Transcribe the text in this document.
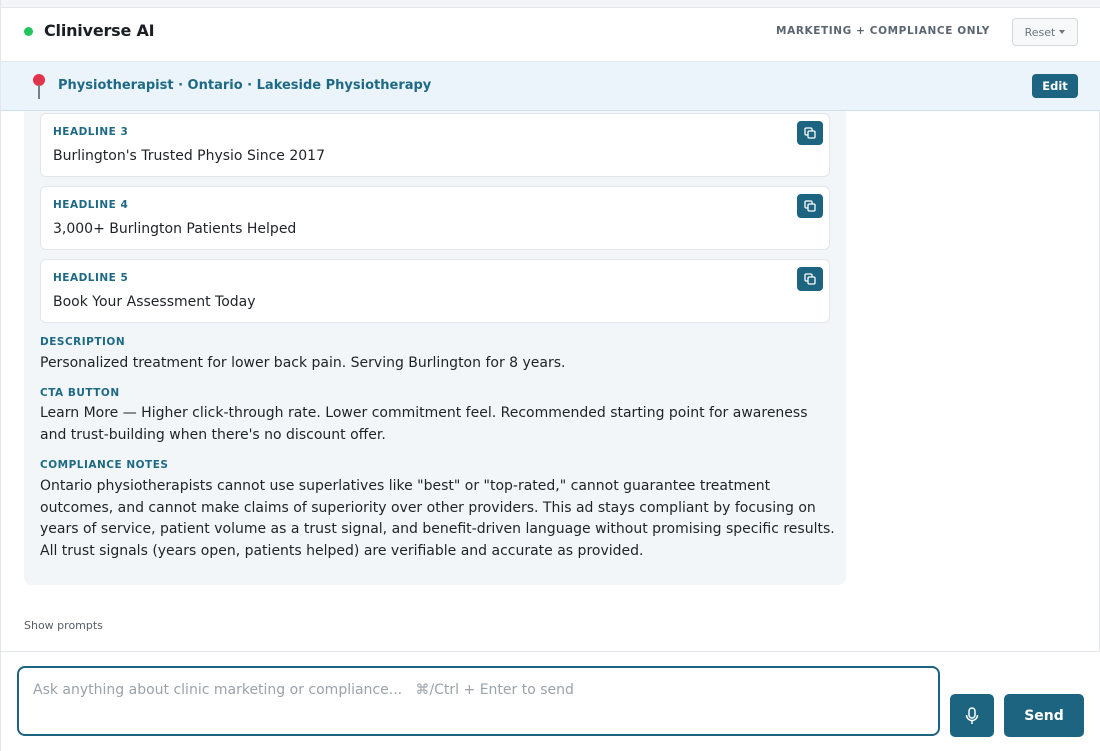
Cliniverse AI	MARKETING + COMPLIANCE ONLY	Reset
Physiotherapist · Ontario · Lakeside Physiotherapy	Edit
HEADLINE 3
Burlington's Trusted Physio Since 2017
HEADLINE 4
3,000+ Burlington Patients Helped
HEADLINE 5
Book Your Assessment Today
DESCRIPTION
Personalized treatment for lower back pain. Serving Burlington for 8 years.
CTA BUTTON
Learn More — Higher click-through rate. Lower commitment feel. Recommended starting point for awareness and trust-building when there's no discount offer.
COMPLIANCE NOTES
Ontario physiotherapists cannot use superlatives like "best" or "top-rated," cannot guarantee treatment outcomes, and cannot make claims of superiority over other providers. This ad stays compliant by focusing on years of service, patient volume as a trust signal, and benefit-driven language without promising specific results. All trust signals (years open, patients helped) are verifiable and accurate as provided.
Show prompts
Ask anything about clinic marketing or compliance... ⌘/Ctrl + Enter to send
Send
